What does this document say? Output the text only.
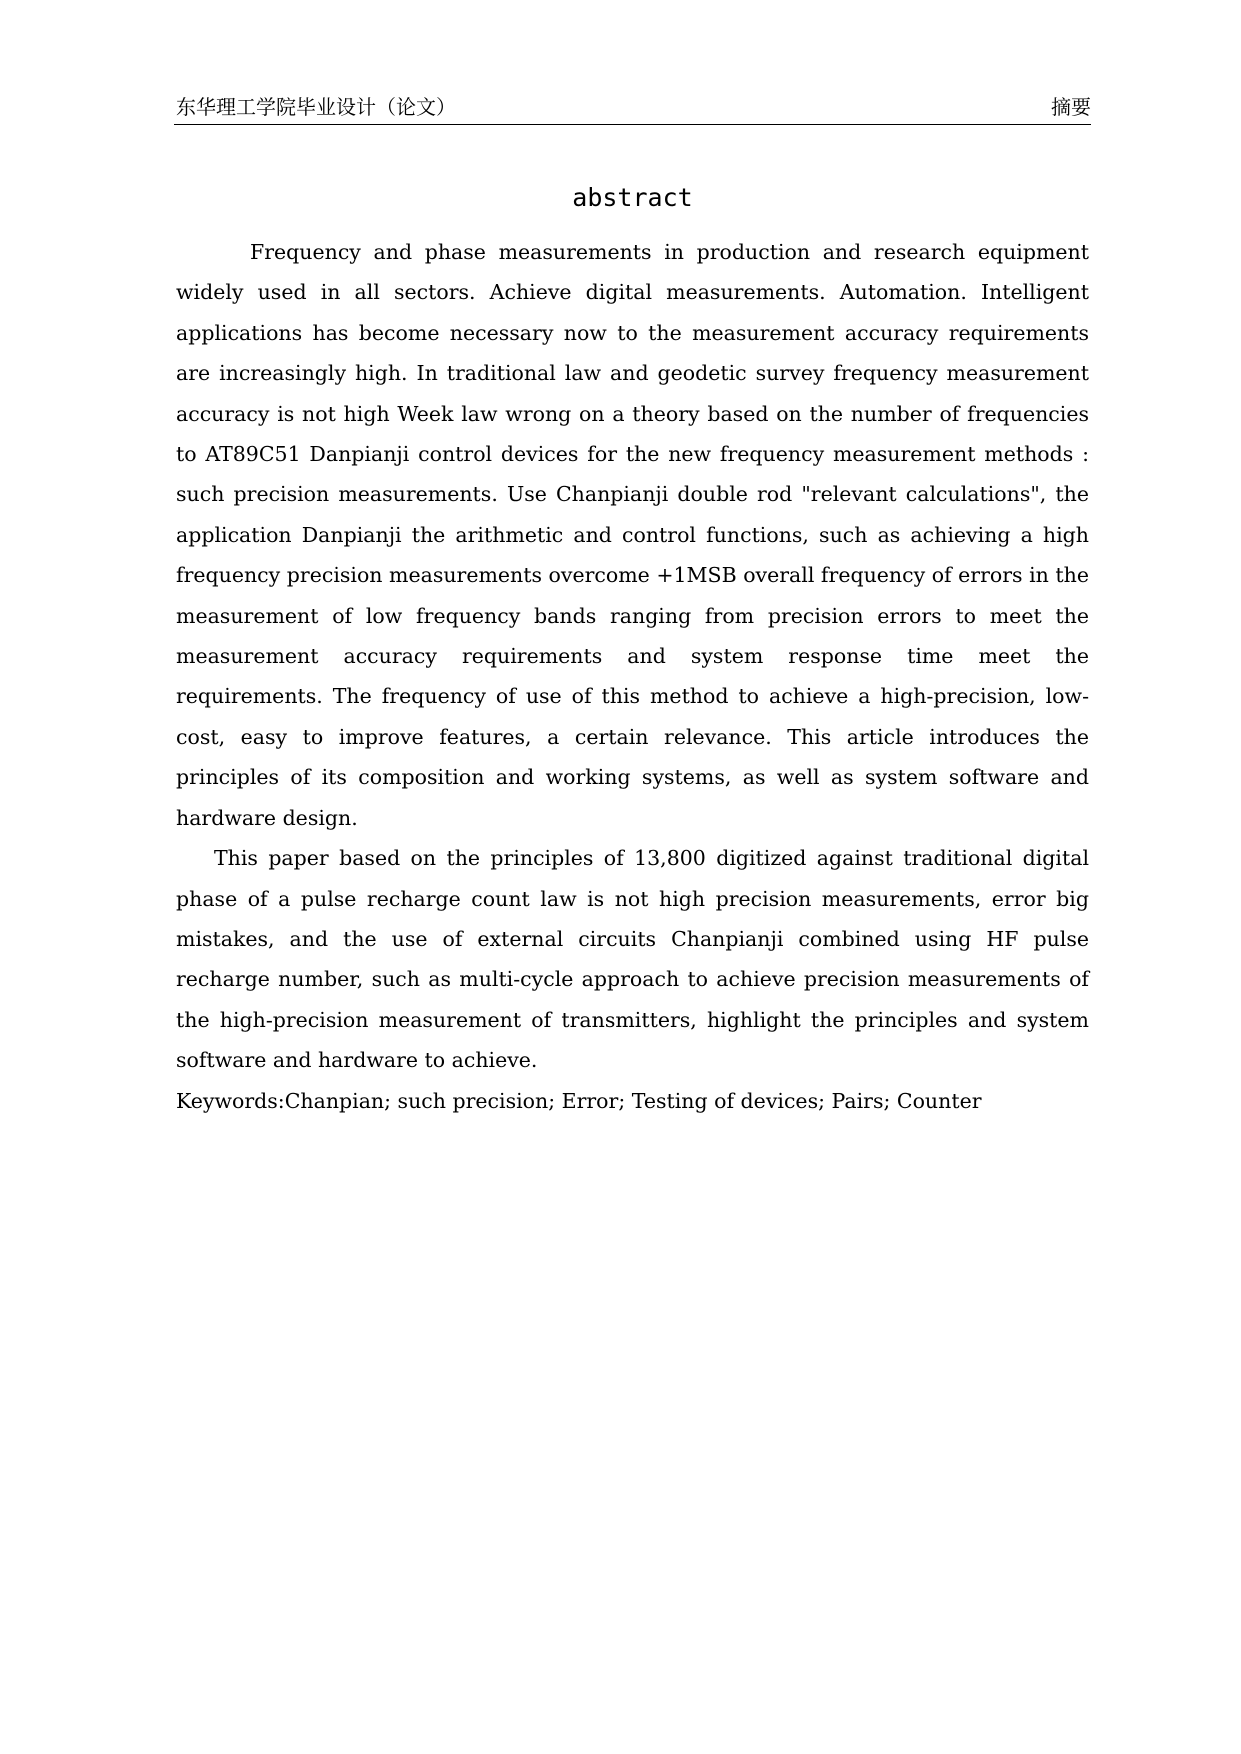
东华理工学院毕业设计（论文）	摘要
abstract

Frequency and phase measurements in production and research equipment widely used in all sectors. Achieve digital measurements. Automation. Intelligent applications has become necessary now to the measurement accuracy requirements are increasingly high. In traditional law and geodetic survey frequency measurement accuracy is not high Week law wrong on a theory based on the number of frequencies to AT89C51 Danpianji control devices for the new frequency measurement methods : such precision measurements. Use Chanpianji double rod "relevant calculations", the application Danpianji the arithmetic and control functions, such as achieving a high frequency precision measurements overcome +1MSB overall frequency of errors in the measurement of low frequency bands ranging from precision errors to meet the measurement accuracy requirements and system response time meet the requirements. The frequency of use of this method to achieve a high-precision, low-cost, easy to improve features, a certain relevance. This article introduces the principles of its composition and working systems, as well as system software and hardware design.

This paper based on the principles of 13,800 digitized against traditional digital phase of a pulse recharge count law is not high precision measurements, error big mistakes, and the use of external circuits Chanpianji combined using HF pulse recharge number, such as multi-cycle approach to achieve precision measurements of the high-precision measurement of transmitters, highlight the principles and system software and hardware to achieve.

Keywords:Chanpian; such precision; Error; Testing of devices; Pairs; Counter
